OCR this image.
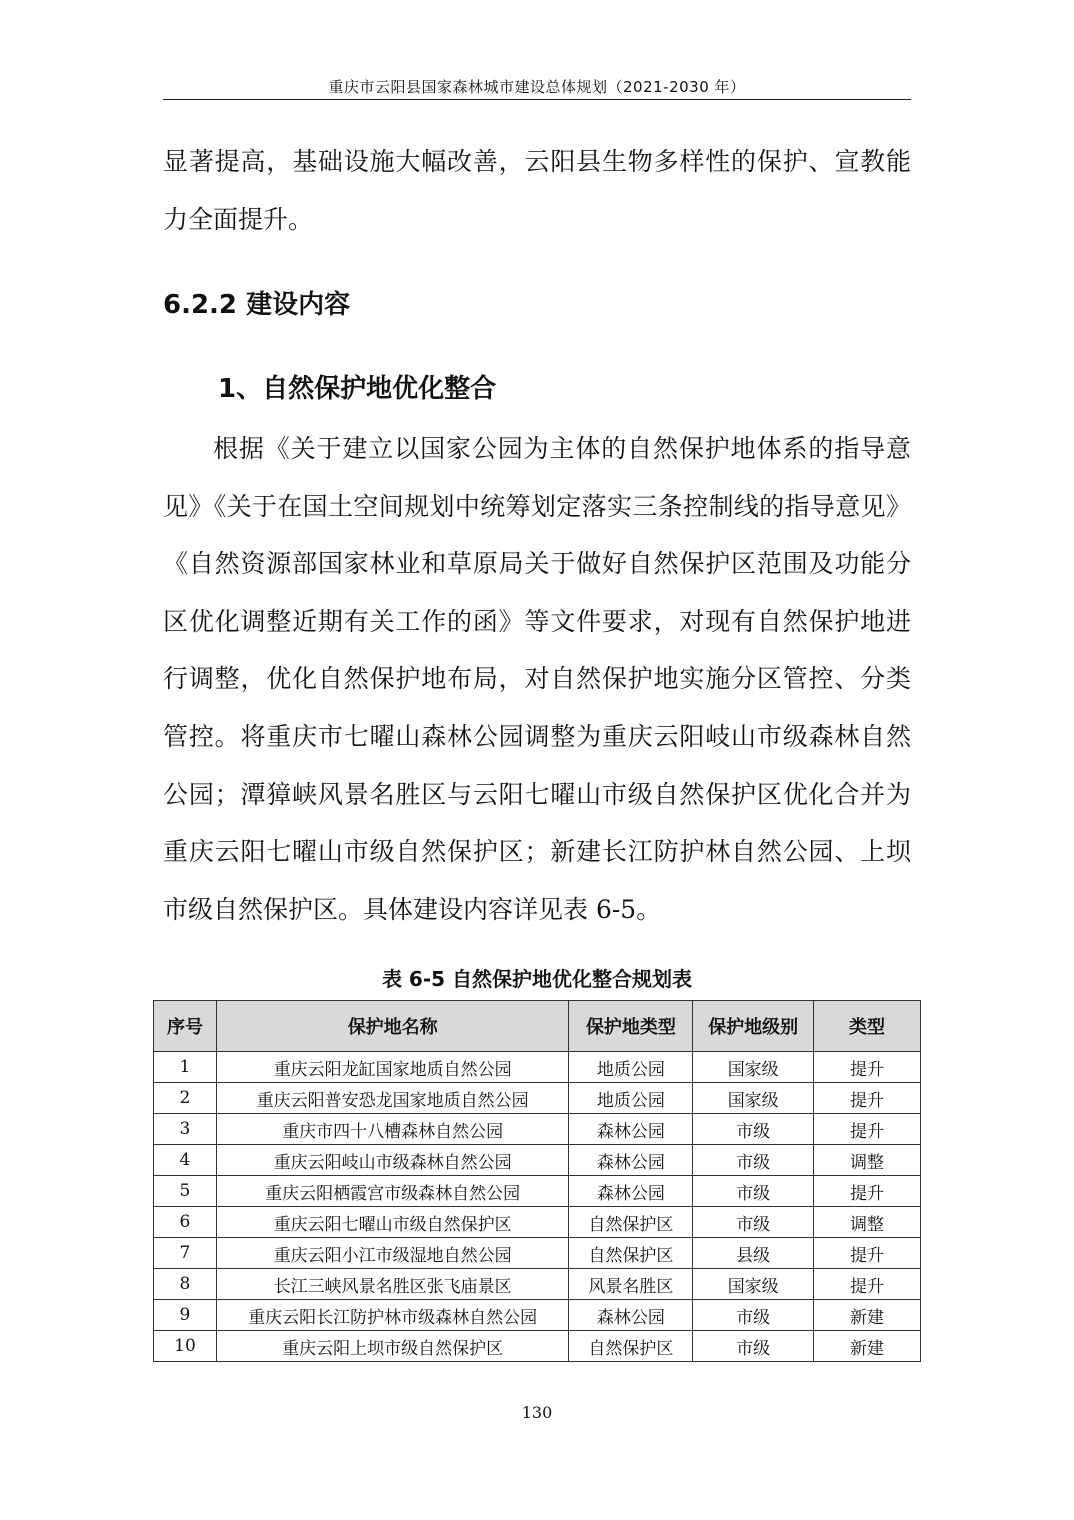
重庆市云阳县国家森林城市建设总体规划（2021-2030 年）
显著提高，基础设施大幅改善，云阳县生物多样性的保护、宣教能力全面提升。
6.2.2 建设内容
1、自然保护地优化整合
根据《关于建立以国家公园为主体的自然保护地体系的指导意见》《关于在国土空间规划中统筹划定落实三条控制线的指导意见》《自然资源部国家林业和草原局关于做好自然保护区范围及功能分区优化调整近期有关工作的函》等文件要求，对现有自然保护地进行调整，优化自然保护地布局，对自然保护地实施分区管控、分类管控。将重庆市七曜山森林公园调整为重庆云阳岐山市级森林自然公园；潭獐峡风景名胜区与云阳七曜山市级自然保护区优化合并为重庆云阳七曜山市级自然保护区；新建长江防护林自然公园、上坝市级自然保护区。具体建设内容详见表 6-5。
表 6-5 自然保护地优化整合规划表
序号	保护地名称	保护地类型	保护地级别	类型
1	重庆云阳龙缸国家地质自然公园	地质公园	国家级	提升
2	重庆云阳普安恐龙国家地质自然公园	地质公园	国家级	提升
3	重庆市四十八槽森林自然公园	森林公园	市级	提升
4	重庆云阳岐山市级森林自然公园	森林公园	市级	调整
5	重庆云阳栖霞宫市级森林自然公园	森林公园	市级	提升
6	重庆云阳七曜山市级自然保护区	自然保护区	市级	调整
7	重庆云阳小江市级湿地自然公园	自然保护区	县级	提升
8	长江三峡风景名胜区张飞庙景区	风景名胜区	国家级	提升
9	重庆云阳长江防护林市级森林自然公园	森林公园	市级	新建
10	重庆云阳上坝市级自然保护区	自然保护区	市级	新建
130
